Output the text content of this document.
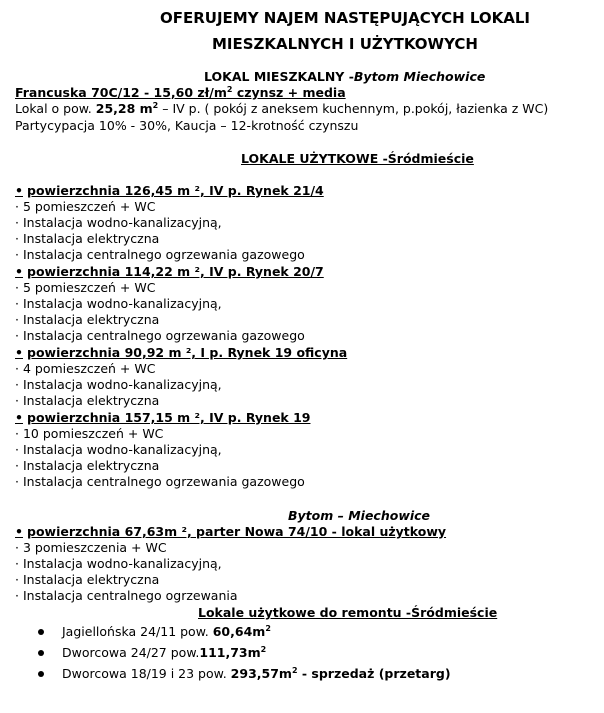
OFERUJEMY NAJEM NASTĘPUJĄCYCH LOKALI
MIESZKALNYCH I UŻYTKOWYCH
LOKAL MIESZKALNY -Bytom Miechowice
Francuska 70C/12 - 15,60 $zł/m^2$ czynsz + media
Lokal o pow. 25,28 $m^2$ – IV p. ( pokój z aneksem kuchennym, p.pokój, łazienka z WC)
Partycypacja 10% - 30%, Kaucja – 12-krotność czynszu
LOKALE UŻYTKOWE -Śródmieście
• powierzchnia 126,45 m ², IV p. Rynek 21/4
· 5 pomieszczeń + WC
· Instalacja wodno-kanalizacyjną,
· Instalacja elektryczna
· Instalacja centralnego ogrzewania gazowego
• powierzchnia 114,22 m ², IV p. Rynek 20/7
· 5 pomieszczeń + WC
· Instalacja wodno-kanalizacyjną,
· Instalacja elektryczna
· Instalacja centralnego ogrzewania gazowego
• powierzchnia 90,92 m ², I p. Rynek 19 oficyna
· 4 pomieszczeń + WC
· Instalacja wodno-kanalizacyjną,
· Instalacja elektryczna
• powierzchnia 157,15 m ², IV p. Rynek 19
· 10 pomieszczeń + WC
· Instalacja wodno-kanalizacyjną,
· Instalacja elektryczna
· Instalacja centralnego ogrzewania gazowego
Bytom – Miechowice
• powierzchnia 67,63m ², parter Nowa 74/10 - lokal użytkowy
· 3 pomieszczenia + WC
· Instalacja wodno-kanalizacyjną,
· Instalacja elektryczna
· Instalacja centralnego ogrzewania
Lokale użytkowe do remontu -Śródmieście
Jagiellońska 24/11 pow. $60,64m^2$
Dworcowa 24/27 $pow.111,73m^2$
Dworcowa 18/19 i 23 pow. $293,57m^2$ - sprzedaż (przetarg)
